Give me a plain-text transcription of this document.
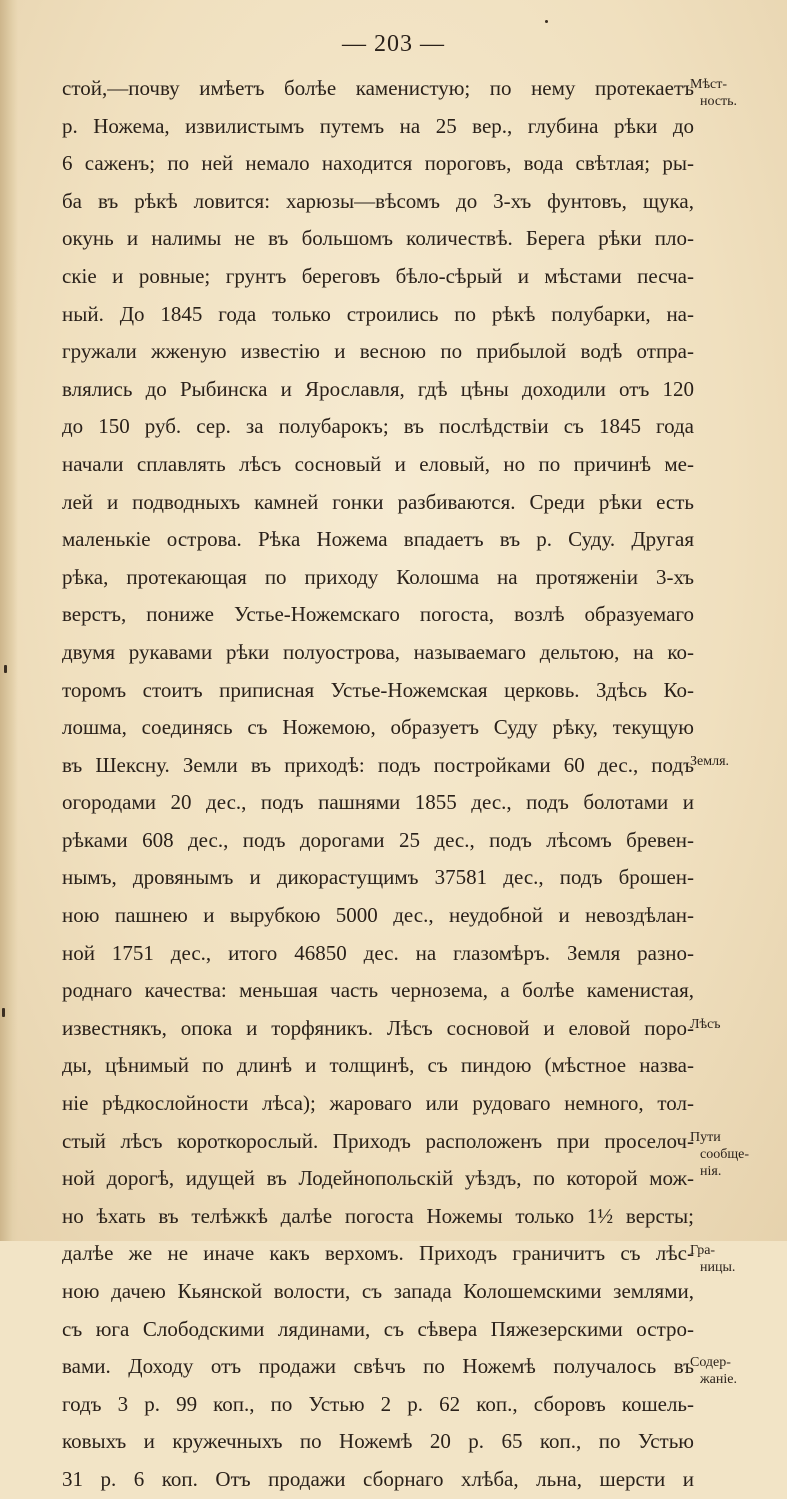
— 203 —
стой,—почву имѣетъ болѣе каменистую; по нему протекаетъ
р. Ножема, извилистымъ путемъ на 25 вер., глубина рѣки до
6 саженъ; по ней немало находится пороговъ, вода свѣтлая; ры-
ба въ рѣкѣ ловится: харюзы—вѣсомъ до 3-хъ фунтовъ, щука,
окунь и налимы не въ большомъ количествѣ. Берега рѣки пло-
скіе и ровные; грунтъ береговъ бѣло-сѣрый и мѣстами песча-
ный. До 1845 года только строились по рѣкѣ полубарки, на-
гружали жженую известію и весною по прибылой водѣ отпра-
влялись до Рыбинска и Ярославля, гдѣ цѣны доходили отъ 120
до 150 руб. сер. за полубарокъ; въ послѣдствіи съ 1845 года
начали сплавлять лѣсъ сосновый и еловый, но по причинѣ ме-
лей и подводныхъ камней гонки разбиваются. Среди рѣки есть
маленькіе острова. Рѣка Ножема впадаетъ въ р. Суду. Другая
рѣка, протекающая по приходу Колошма на протяженіи 3-хъ
верстъ, пониже Устье-Ножемскаго погоста, возлѣ образуемаго
двумя рукавами рѣки полуострова, называемаго дельтою, на ко-
торомъ стоитъ приписная Устье-Ножемская церковь. Здѣсь Ко-
лошма, соединясь съ Ножемою, образуетъ Суду рѣку, текущую
въ Шексну. Земли въ приходѣ: подъ постройками 60 дес., подъ
огородами 20 дес., подъ пашнями 1855 дес., подъ болотами и
рѣками 608 дес., подъ дорогами 25 дес., подъ лѣсомъ бревен-
нымъ, дровянымъ и дикорастущимъ 37581 дес., подъ брошен-
ною пашнею и вырубкою 5000 дес., неудобной и невоздѣлан-
ной 1751 дес., итого 46850 дес. на глазомѣръ. Земля разно-
роднаго качества: меньшая часть чернозема, а болѣе каменистая,
известнякъ, опока и торфяникъ. Лѣсъ сосновой и еловой поро-
ды, цѣнимый по длинѣ и толщинѣ, съ пиндою (мѣстное назва-
ніе рѣдкослойности лѣса); жароваго или рудоваго немного, тол-
стый лѣсъ короткорослый. Приходъ расположенъ при проселоч-
ной дорогѣ, идущей въ Лодейнопольскій уѣздъ, по которой мож-
но ѣхать въ телѣжкѣ далѣе погоста Ножемы только 1½ версты;
далѣе же не иначе какъ верхомъ. Приходъ граничитъ съ лѣс-
ною дачею Кьянской волости, съ запада Колошемскими землями,
съ юга Слободскими лядинами, съ сѣвера Пяжезерскими остро-
вами. Доходу отъ продажи свѣчъ по Ножемѣ получалось въ
годъ 3 р. 99 коп., по Устью 2 р. 62 коп., сборовъ кошель-
ковыхъ и кружечныхъ по Ножемѣ 20 р. 65 коп., по Устью
31 р. 6 коп. Отъ продажи сборнаго хлѣба, льна, шерсти и
Мѣст-
ность.
Земля.
Лѣсъ
Пути
сообще-
нія.
Гра-
ницы.
Содер-
жаніе.
